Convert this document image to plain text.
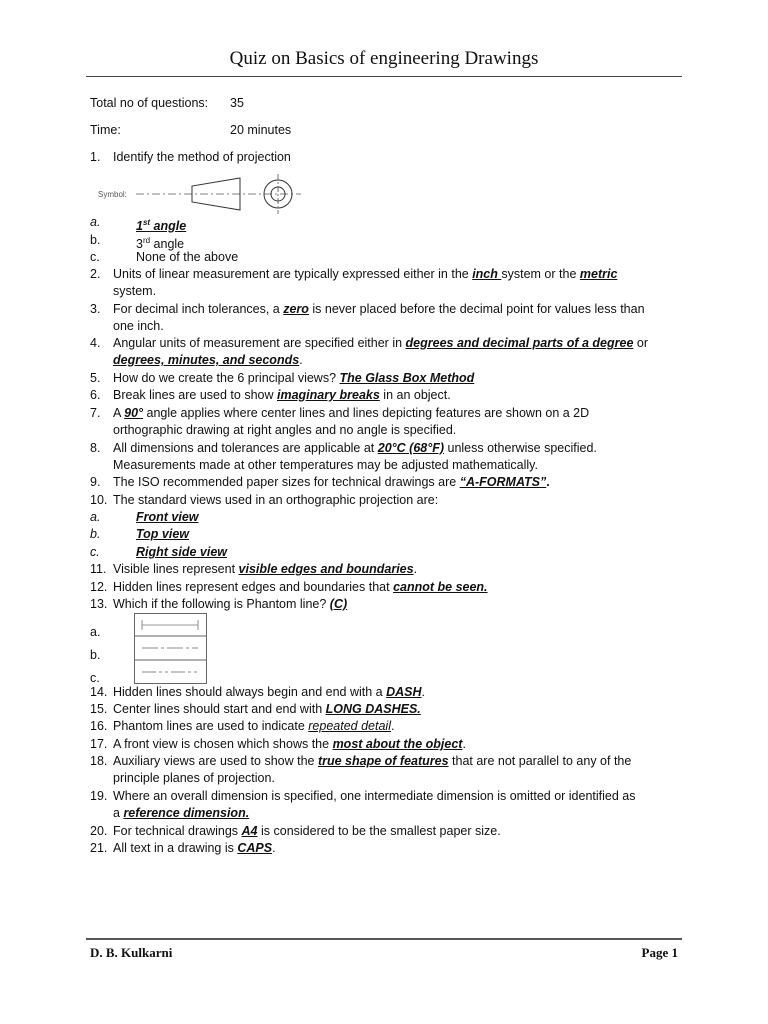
Quiz on Basics of engineering Drawings
Total no of questions: 35
Time:	20 minutes
1. Identify the method of projection
Symbol:
a.	1st angle
b.	3rd angle
c.	None of the above
2. Units of linear measurement are typically expressed either in the inch system or the metric
system.
3. For decimal inch tolerances, a zero is never placed before the decimal point for values less than
one inch.
4. Angular units of measurement are specified either in degrees and decimal parts of a degree or
degrees, minutes, and seconds.
5. How do we create the 6 principal views? The Glass Box Method
6. Break lines are used to show imaginary breaks in an object.
7. A 90° angle applies where center lines and lines depicting features are shown on a 2D
orthographic drawing at right angles and no angle is specified.
8. All dimensions and tolerances are applicable at 20°C (68°F) unless otherwise specified.
Measurements made at other temperatures may be adjusted mathematically.
9. The ISO recommended paper sizes for technical drawings are “A-FORMATS”.
10. The standard views used in an orthographic projection are:
a.	Front view
b.	Top view
c.	Right side view
11. Visible lines represent visible edges and boundaries.
12. Hidden lines represent edges and boundaries that cannot be seen.
13. Which if the following is Phantom line? (C)
a.
b.
c.
14. Hidden lines should always begin and end with a DASH.
15. Center lines should start and end with LONG DASHES.
16. Phantom lines are used to indicate repeated detail.
17. A front view is chosen which shows the most about the object.
18. Auxiliary views are used to show the true shape of features that are not parallel to any of the
principle planes of projection.
19. Where an overall dimension is specified, one intermediate dimension is omitted or identified as
a reference dimension.
20. For technical drawings A4 is considered to be the smallest paper size.
21. All text in a drawing is CAPS.
D. B. Kulkarni	Page 1
